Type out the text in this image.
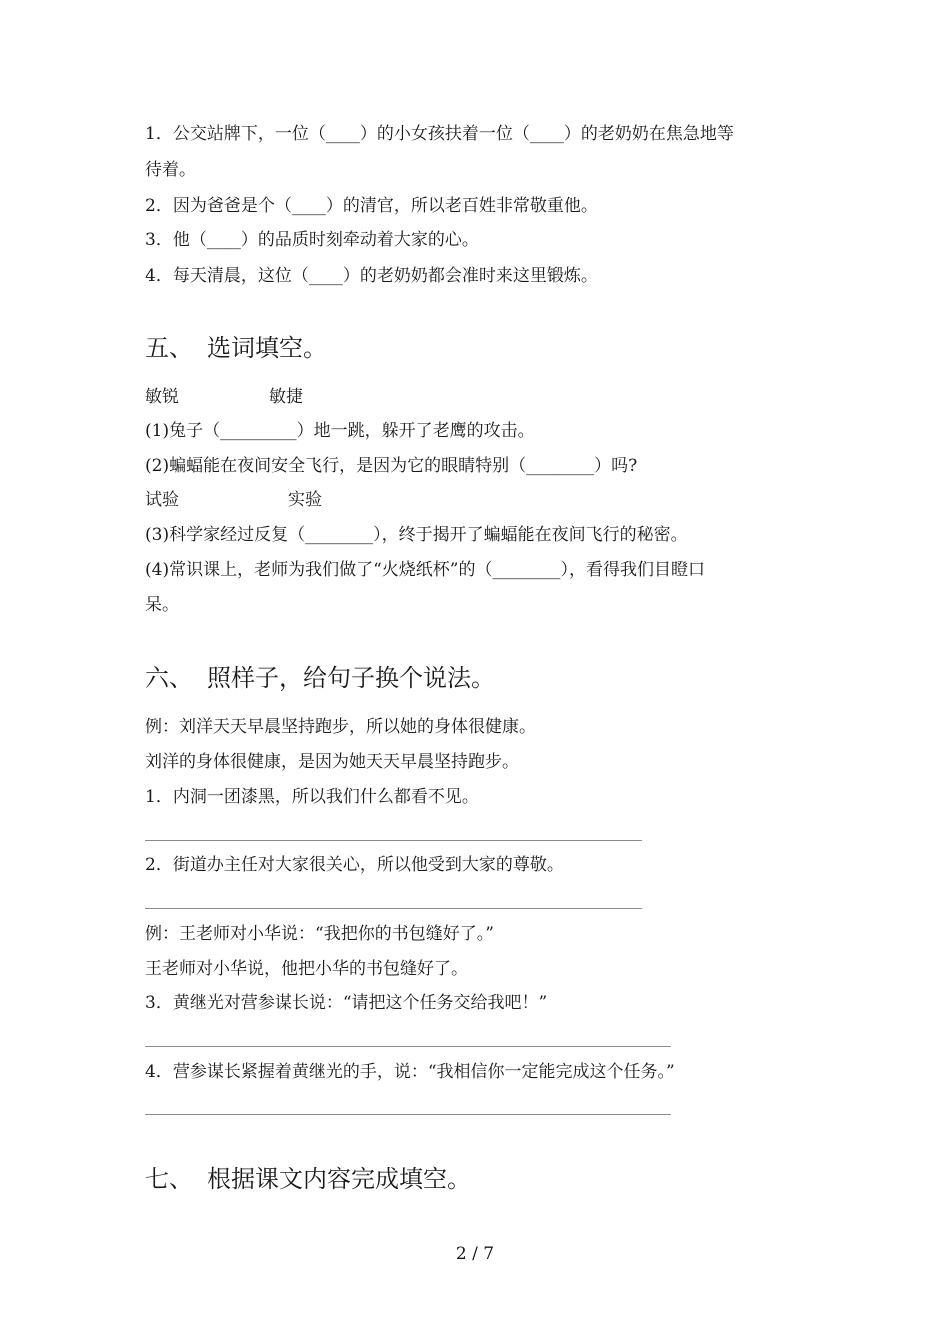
1．公交站牌下，一位（____）的小女孩扶着一位（____）的老奶奶在焦急地等
待着。
2．因为爸爸是个（____）的清官，所以老百姓非常敬重他。
3．他（____）的品质时刻牵动着大家的心。
4．每天清晨，这位（____）的老奶奶都会准时来这里锻炼。
五、 选词填空。
敏锐	敏捷
(1)兔子（_________）地一跳，躲开了老鹰的攻击。
(2)蝙蝠能在夜间安全飞行，是因为它的眼睛特别（________）吗?
试验	实验
(3)科学家经过反复（________），终于揭开了蝙蝠能在夜间飞行的秘密。
(4)常识课上，老师为我们做了“火烧纸杯”的（________），看得我们目瞪口
呆。
六、 照样子，给句子换个说法。
例：刘洋天天早晨坚持跑步，所以她的身体很健康。
刘洋的身体很健康，是因为她天天早晨坚持跑步。
1．内洞一团漆黑，所以我们什么都看不见。
2．街道办主任对大家很关心，所以他受到大家的尊敬。
例：王老师对小华说：“我把你的书包缝好了。”
王老师对小华说，他把小华的书包缝好了。
3．黄继光对营参谋长说：“请把这个任务交给我吧！”
4．营参谋长紧握着黄继光的手，说：“我相信你一定能完成这个任务。”
七、 根据课文内容完成填空。
2 / 7
